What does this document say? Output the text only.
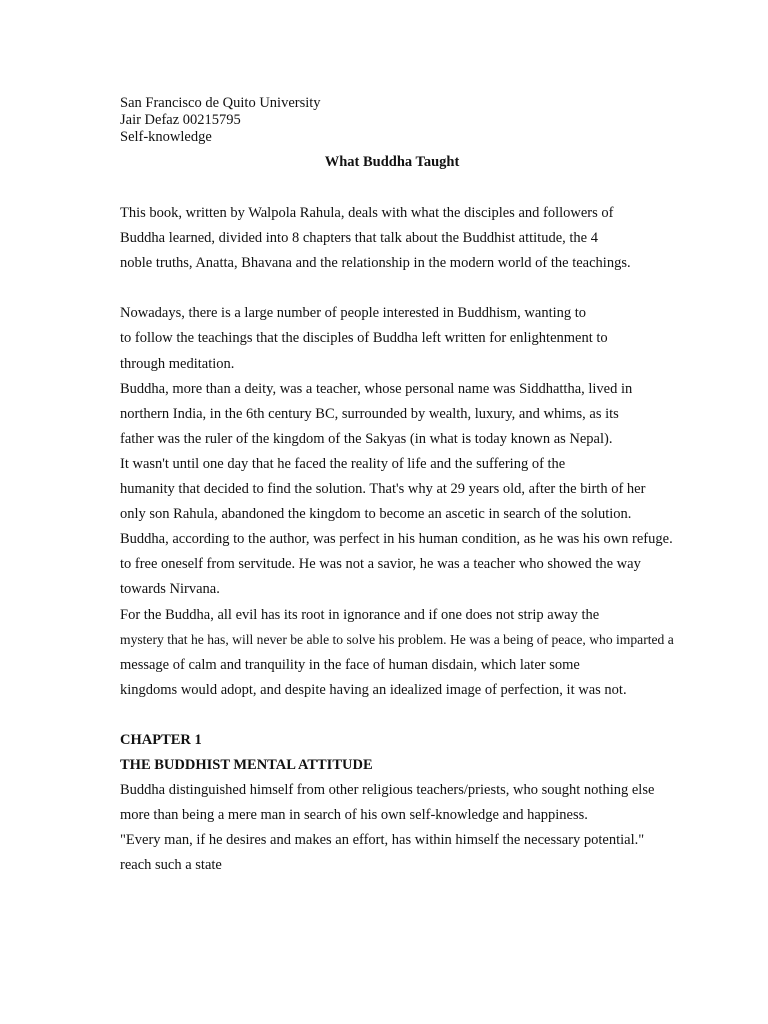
San Francisco de Quito University
Jair Defaz 00215795
Self-knowledge
What Buddha Taught
This book, written by Walpola Rahula, deals with what the disciples and followers of
Buddha learned, divided into 8 chapters that talk about the Buddhist attitude, the 4
noble truths, Anatta, Bhavana and the relationship in the modern world of the teachings.
Nowadays, there is a large number of people interested in Buddhism, wanting to
to follow the teachings that the disciples of Buddha left written for enlightenment to
through meditation.
Buddha, more than a deity, was a teacher, whose personal name was Siddhattha, lived in
northern India, in the 6th century BC, surrounded by wealth, luxury, and whims, as its
father was the ruler of the kingdom of the Sakyas (in what is today known as Nepal).
It wasn't until one day that he faced the reality of life and the suffering of the
humanity that decided to find the solution. That's why at 29 years old, after the birth of her
only son Rahula, abandoned the kingdom to become an ascetic in search of the solution.
Buddha, according to the author, was perfect in his human condition, as he was his own refuge.
to free oneself from servitude. He was not a savior, he was a teacher who showed the way
towards Nirvana.
For the Buddha, all evil has its root in ignorance and if one does not strip away the
mystery that he has, will never be able to solve his problem. He was a being of peace, who imparted a
message of calm and tranquility in the face of human disdain, which later some
kingdoms would adopt, and despite having an idealized image of perfection, it was not.
CHAPTER 1
THE BUDDHIST MENTAL ATTITUDE
Buddha distinguished himself from other religious teachers/priests, who sought nothing else
more than being a mere man in search of his own self-knowledge and happiness.
"Every man, if he desires and makes an effort, has within himself the necessary potential."
reach such a state
